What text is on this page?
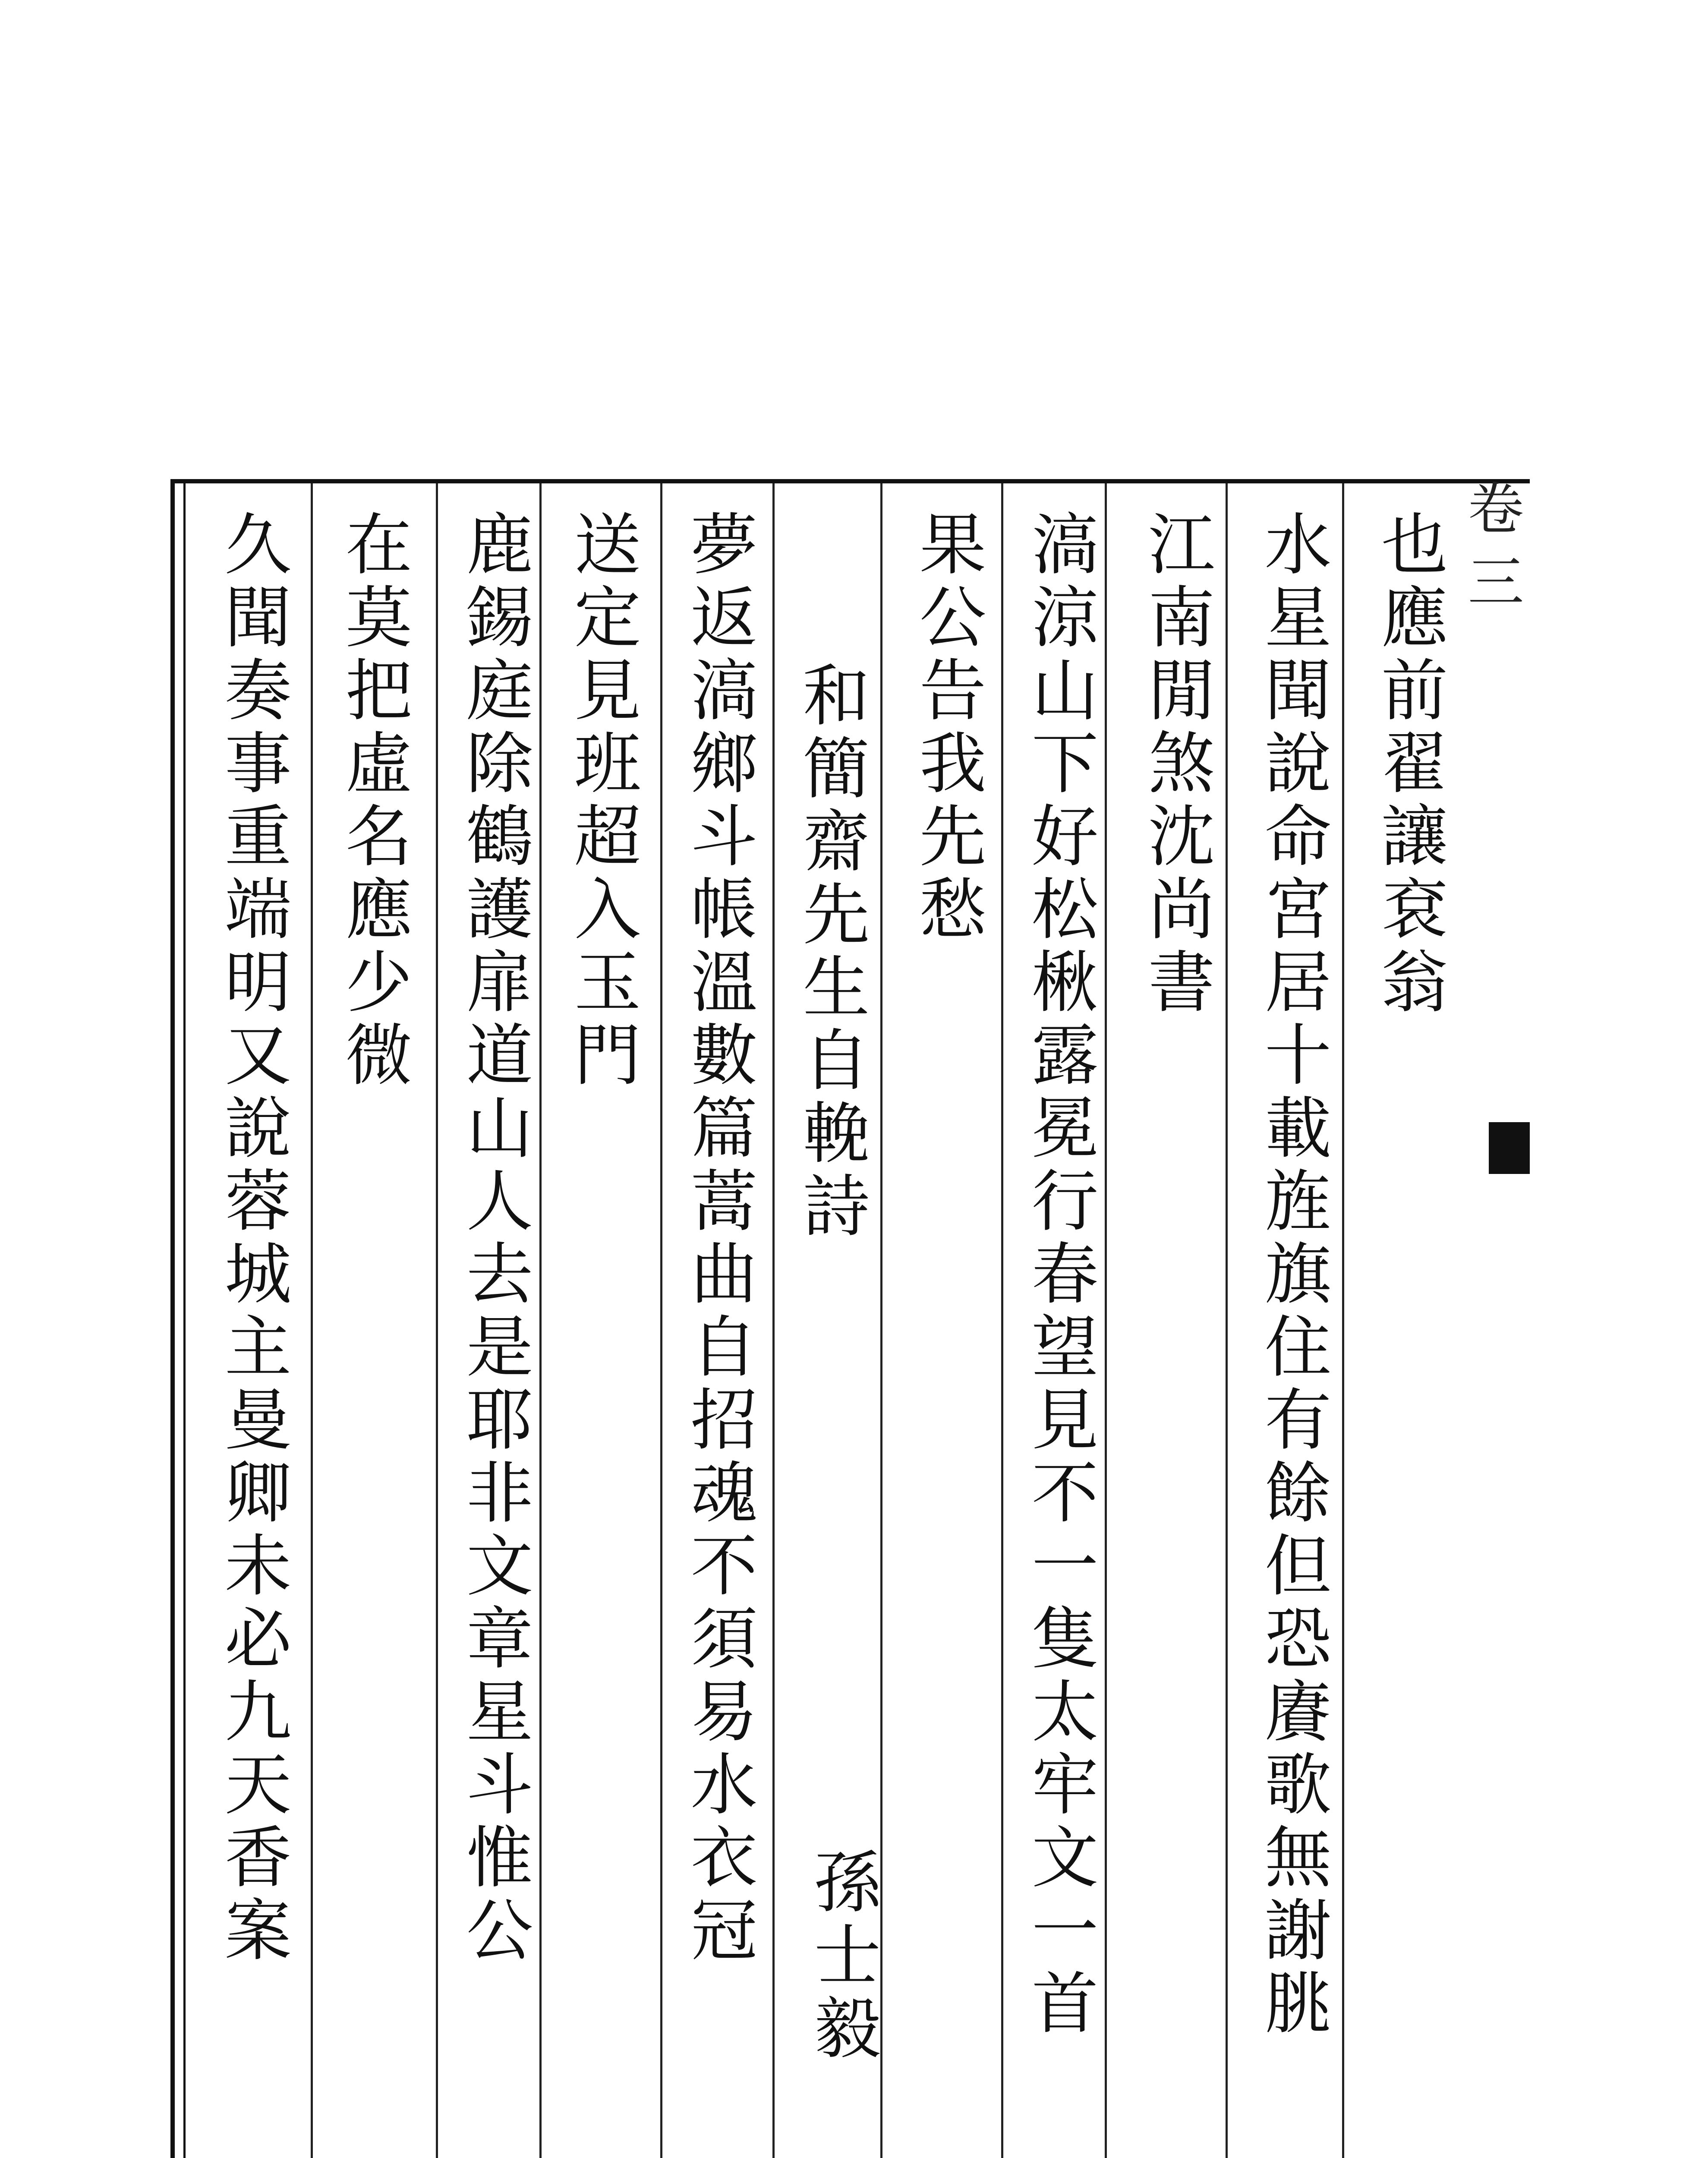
卷三
也應前翟讓袞翁
水星聞說命宮居十載旌旗住有餘但恐賡歌無謝朓
江南閒煞沈尚書
滈涼山下好松楸露冕行春望見不一隻太牢文一首
果公告我先愁
和簡齋先生自輓詩
孫士毅
夢返滈鄉斗帳溫數篇蒿曲自招魂不須易水衣冠
送定見班超入玉門
鹿錫庭除鶴護扉道山人去是耶非文章星斗惟公
在莫把虛名應少微
久聞奏事重端明又說蓉城主曼卿未必九天香案
